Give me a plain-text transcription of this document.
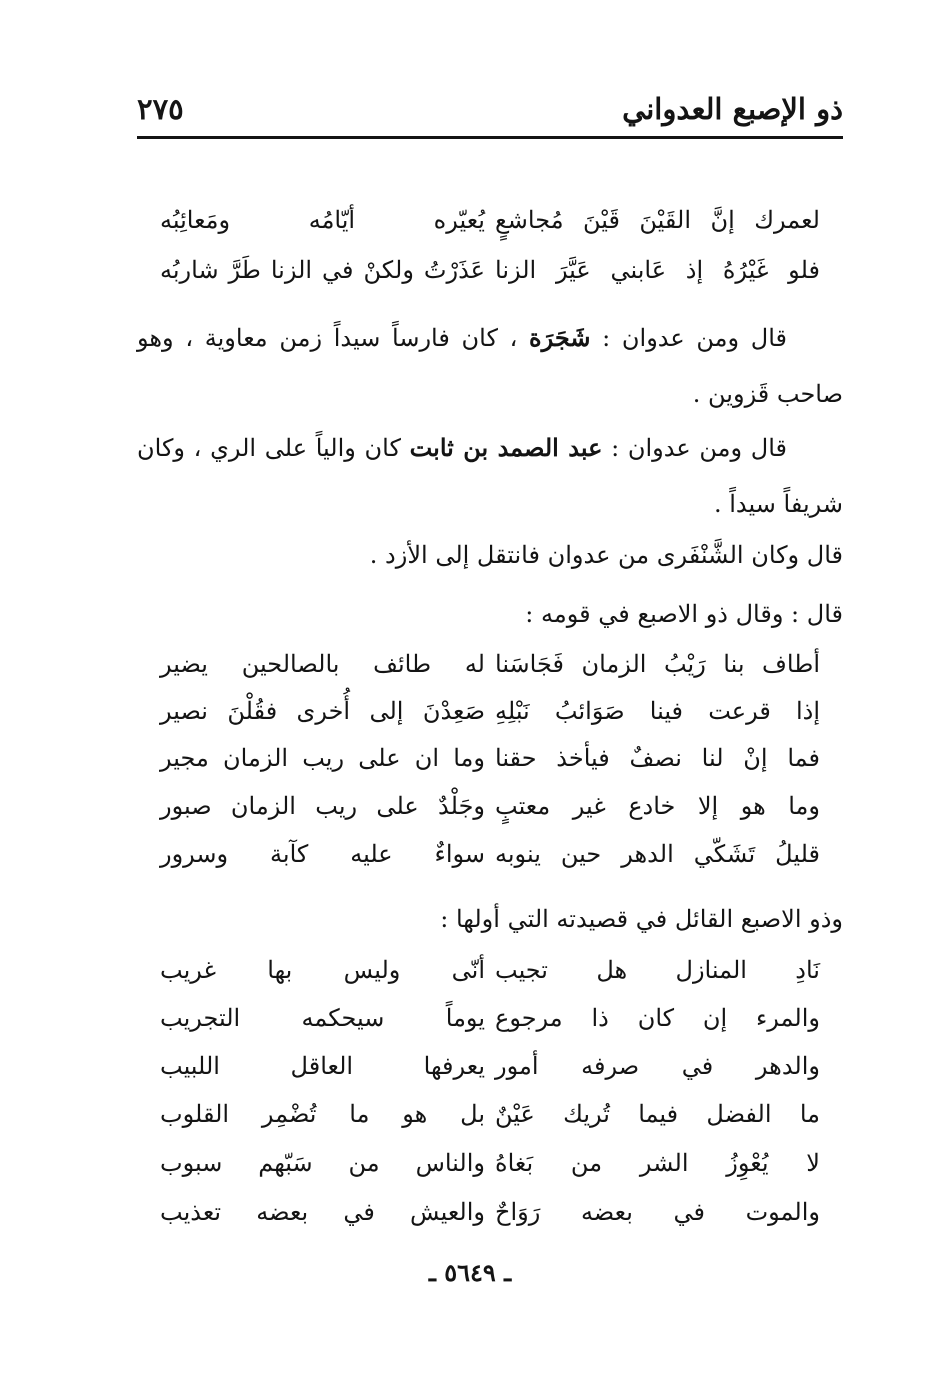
ذو الإصبع العدواني
٢٧٥
لعمرك إنَّ القَيْنَ قَيْنَ مُجاشعٍ
يُعيّره أيّامُه ومَعائِبُه
فلو غَيْرُهُ إذ عَابني عَيَّرَ الزنا
عَذَرْتُ ولكنْ في الزنا طَرَّ شاربُه
قال ومن عدوان : شَجَرَة ، كان فارساً سيداً زمن معاوية ، وهو صاحب قَزوين .
قال ومن عدوان : عبد الصمد بن ثابت كان والياً على الري ، وكان شريفاً سيداً .
قال وكان الشَّنْفَرى من عدوان فانتقل إلى الأزد .
قال : وقال ذو الاصبع في قومه :
أطاف بنا رَيْبُ الزمان فَجَاسَنا
له طائف بالصالحين يضير
إذا قرعت فينا صَوَائبُ نَبْلِهِ
صَعِدْنَ إلى أُخرى فقُلْنَ نصير
فما إنْ لنا نصفٌ فيأخذ حقنا
وما ان على ريب الزمان مجير
وما هو إلا خادع غير معتبٍ
وجَلْدٌ على ريب الزمان صبور
قليلُ تَشَكّي الدهر حين ينوبه
سواءٌ عليه كآبة وسرور
وذو الاصبع القائل في قصيدته التي أولها :
نَادِ المنازل هل تجيب
أنّى وليس بها غريب
والمرء إن كان ذا مرجوع
يوماً سيحكمه التجريب
والدهر في صرفه أمور
يعرفها العاقل اللبيب
ما الفضل فيما تُريك عَيْنٌ
بل هو ما تُضْمِر القلوب
لا يُعْوِزُ الشر من بَغاهُ
والناس من سَبّهم سبوب
والموت في بعضه رَوَاحٌ
والعيش في بعضه تعذيب
ـ ٥٦٤٩ ـ
